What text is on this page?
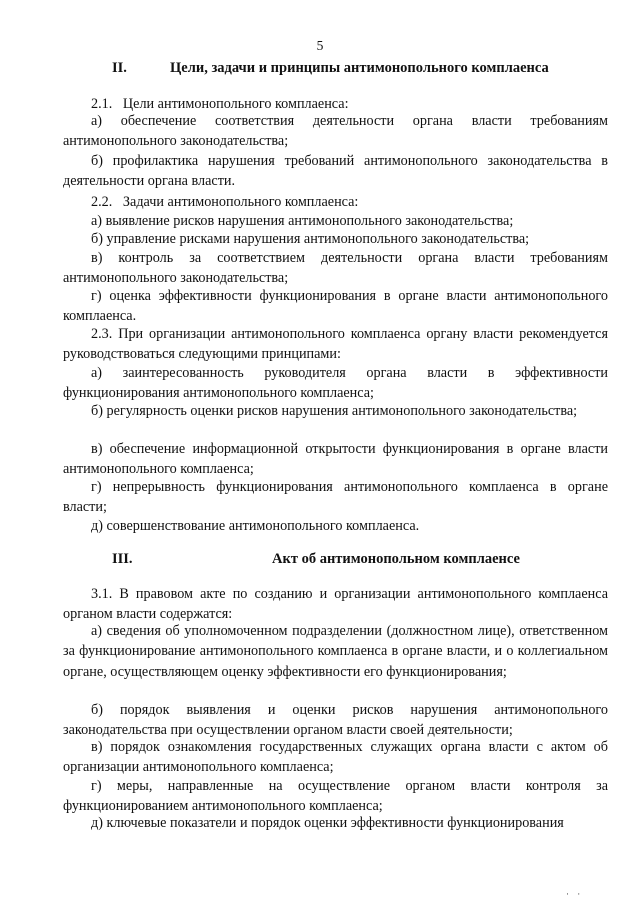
5
II.	Цели, задачи и принципы антимонопольного комплаенса

2.1.   Цели антимонопольного комплаенса:

а) обеспечение соответствия деятельности органа власти требованиям антимонопольного законодательства;

б) профилактика нарушения требований антимонопольного законодательства в деятельности органа власти.

2.2.   Задачи антимонопольного комплаенса:

а) выявление рисков нарушения антимонопольного законодательства;

б) управление рисками нарушения антимонопольного законодательства;

в) контроль за соответствием деятельности органа власти требованиям антимонопольного законодательства;

г) оценка эффективности функционирования в органе власти антимонопольного комплаенса.

2.3. При организации антимонопольного комплаенса органу власти рекомендуется руководствоваться следующими принципами:

а) заинтересованность руководителя органа власти в эффективности функционирования антимонопольного комплаенса;

б) регулярность оценки рисков нарушения антимонопольного законодательства;

в) обеспечение информационной открытости функционирования в органе власти антимонопольного комплаенса;

г) непрерывность функционирования антимонопольного комплаенса в органе власти;

д) совершенствование антимонопольного комплаенса.

III.	Акт об антимонопольном комплаенсе

3.1. В правовом акте по созданию и организации антимонопольного комплаенса органом власти содержатся:

а) сведения об уполномоченном подразделении (должностном лице), ответственном за функционирование антимонопольного комплаенса в органе власти, и о коллегиальном органе, осуществляющем оценку эффективности его функционирования;

б) порядок выявления и оценки рисков нарушения антимонопольного законодательства при осуществлении органом власти своей деятельности;

в) порядок ознакомления государственных служащих органа власти с актом об организации антимонопольного комплаенса;

г) меры, направленные на осуществление органом власти контроля за функционированием антимонопольного комплаенса;

д) ключевые показатели и порядок оценки эффективности функционирования

· ·
